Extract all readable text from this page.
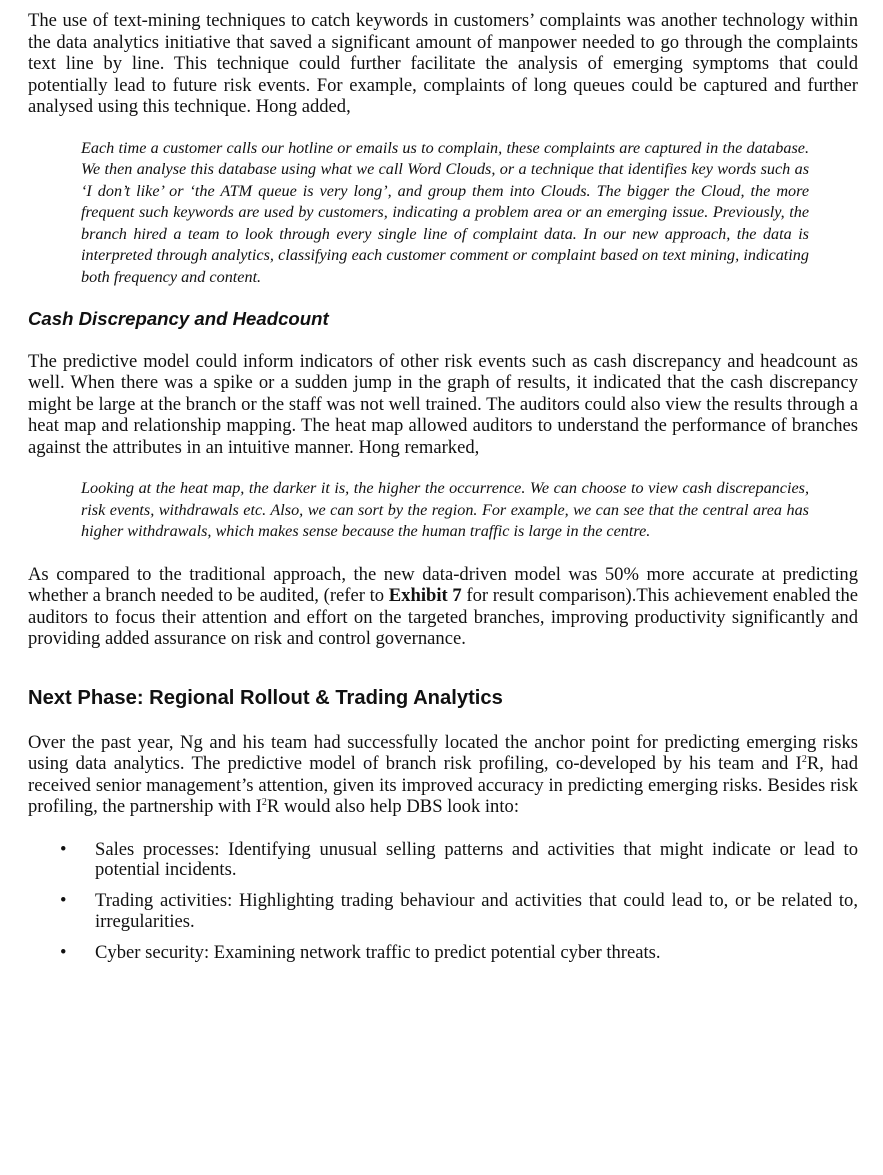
The use of text-mining techniques to catch keywords in customers’ complaints was another technology within the data analytics initiative that saved a significant amount of manpower needed to go through the complaints text line by line. This technique could further facilitate the analysis of emerging symptoms that could potentially lead to future risk events. For example, complaints of long queues could be captured and further analysed using this technique. Hong added,

Each time a customer calls our hotline or emails us to complain, these complaints are captured in the database. We then analyse this database using what we call Word Clouds, or a technique that identifies key words such as ‘I don’t like’ or ‘the ATM queue is very long’, and group them into Clouds. The bigger the Cloud, the more frequent such keywords are used by customers, indicating a problem area or an emerging issue. Previously, the branch hired a team to look through every single line of complaint data. In our new approach, the data is interpreted through analytics, classifying each customer comment or complaint based on text mining, indicating both frequency and content.

Cash Discrepancy and Headcount

The predictive model could inform indicators of other risk events such as cash discrepancy and headcount as well. When there was a spike or a sudden jump in the graph of results, it indicated that the cash discrepancy might be large at the branch or the staff was not well trained. The auditors could also view the results through a heat map and relationship mapping. The heat map allowed auditors to understand the performance of branches against the attributes in an intuitive manner. Hong remarked,

Looking at the heat map, the darker it is, the higher the occurrence. We can choose to view cash discrepancies, risk events, withdrawals etc. Also, we can sort by the region. For example, we can see that the central area has higher withdrawals, which makes sense because the human traffic is large in the centre.

As compared to the traditional approach, the new data-driven model was 50% more accurate at predicting whether a branch needed to be audited, (refer to Exhibit 7 for result comparison).This achievement enabled the auditors to focus their attention and effort on the targeted branches, improving productivity significantly and providing added assurance on risk and control governance.

Next Phase: Regional Rollout & Trading Analytics

Over the past year, Ng and his team had successfully located the anchor point for predicting emerging risks using data analytics. The predictive model of branch risk profiling, co-developed by his team and $I^2R$, had received senior management’s attention, given its improved accuracy in predicting emerging risks. Besides risk profiling, the partnership with $I^2R$ would also help DBS look into:

• Sales processes: Identifying unusual selling patterns and activities that might indicate or lead to potential incidents.
• Trading activities: Highlighting trading behaviour and activities that could lead to, or be related to, irregularities.
• Cyber security: Examining network traffic to predict potential cyber threats.
